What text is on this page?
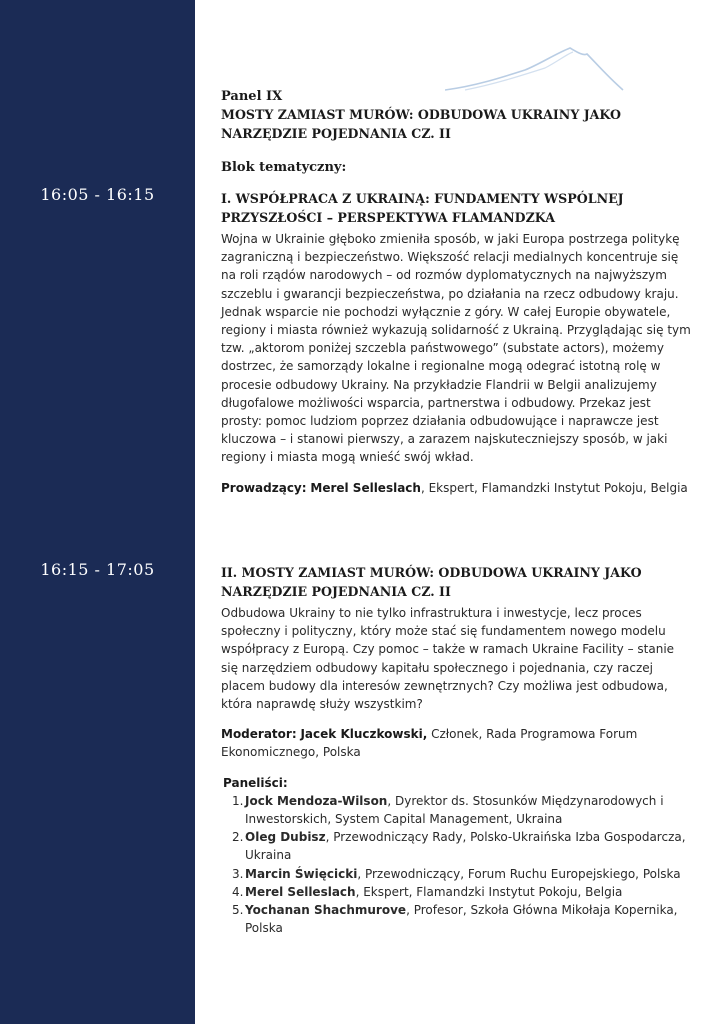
Panel IX
MOSTY ZAMIAST MURÓW: ODBUDOWA UKRAINY JAKO NARZĘDZIE POJEDNANIA CZ. II
Blok tematyczny:
16:05 - 16:15	I. WSPÓŁPRACA Z UKRAINĄ: FUNDAMENTY WSPÓLNEJ PRZYSZŁOŚCI – PERSPEKTYWA FLAMANDZKA

Wojna w Ukrainie głęboko zmieniła sposób, w jaki Europa postrzega politykę zagraniczną i bezpieczeństwo. Większość relacji medialnych koncentruje się na roli rządów narodowych – od rozmów dyplomatycznych na najwyższym szczeblu i gwarancji bezpieczeństwa, po działania na rzecz odbudowy kraju. Jednak wsparcie nie pochodzi wyłącznie z góry. W całej Europie obywatele, regiony i miasta również wykazują solidarność z Ukrainą. Przyglądając się tym tzw. „aktorom poniżej szczebla państwowego” (substate actors), możemy dostrzec, że samorządy lokalne i regionalne mogą odegrać istotną rolę w procesie odbudowy Ukrainy. Na przykładzie Flandrii w Belgii analizujemy długofalowe możliwości wsparcia, partnerstwa i odbudowy. Przekaz jest prosty: pomoc ludziom poprzez działania odbudowujące i naprawcze jest kluczowa – i stanowi pierwszy, a zarazem najskuteczniejszy sposób, w jaki regiony i miasta mogą wnieść swój wkład.

Prowadzący: Merel Selleslach, Ekspert, Flamandzki Instytut Pokoju, Belgia

16:15 - 17:05	II. MOSTY ZAMIAST MURÓW: ODBUDOWA UKRAINY JAKO NARZĘDZIE POJEDNANIA CZ. II

Odbudowa Ukrainy to nie tylko infrastruktura i inwestycje, lecz proces społeczny i polityczny, który może stać się fundamentem nowego modelu współpracy z Europą. Czy pomoc – także w ramach Ukraine Facility – stanie się narzędziem odbudowy kapitału społecznego i pojednania, czy raczej placem budowy dla interesów zewnętrznych? Czy możliwa jest odbudowa, która naprawdę służy wszystkim?

Moderator: Jacek Kluczkowski, Członek, Rada Programowa Forum Ekonomicznego, Polska

Paneliści:

1. Jock Mendoza-Wilson, Dyrektor ds. Stosunków Międzynarodowych i Inwestorskich, System Capital Management, Ukraina
2. Oleg Dubisz, Przewodniczący Rady, Polsko-Ukraińska Izba Gospodarcza, Ukraina
3. Marcin Święcicki, Przewodniczący, Forum Ruchu Europejskiego, Polska
4. Merel Selleslach, Ekspert, Flamandzki Instytut Pokoju, Belgia
5. Yochanan Shachmurove, Profesor, Szkoła Główna Mikołaja Kopernika, Polska
